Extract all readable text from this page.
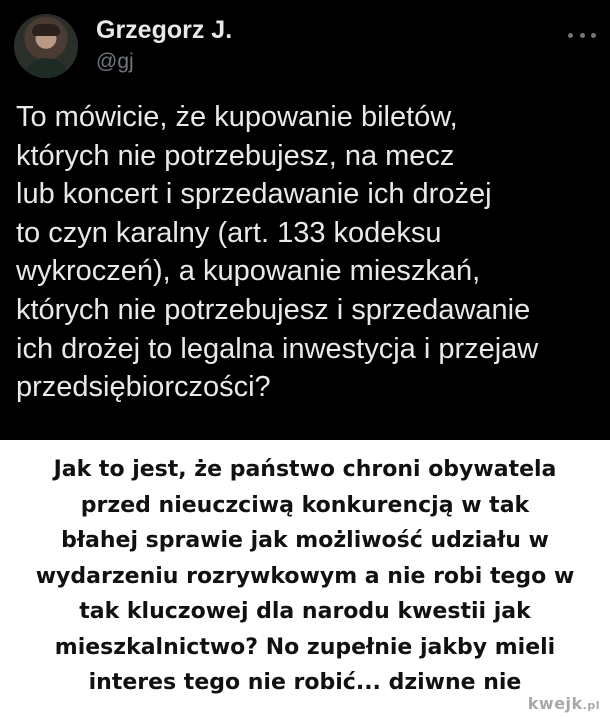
Grzegorz J.
@gj
To mówicie, że kupowanie biletów,
których nie potrzebujesz, na mecz
lub koncert i sprzedawanie ich drożej
to czyn karalny (art. 133 kodeksu
wykroczeń), a kupowanie mieszkań,
których nie potrzebujesz i sprzedawanie
ich drożej to legalna inwestycja i przejaw
przedsiębiorczości?
Jak to jest, że państwo chroni obywatela
przed nieuczciwą konkurencją w tak
błahej sprawie jak możliwość udziału w
wydarzeniu rozrywkowym a nie robi tego w
tak kluczowej dla narodu kwestii jak
mieszkalnictwo? No zupełnie jakby mieli
interes tego nie robić... dziwne nie
kwejk.pl
